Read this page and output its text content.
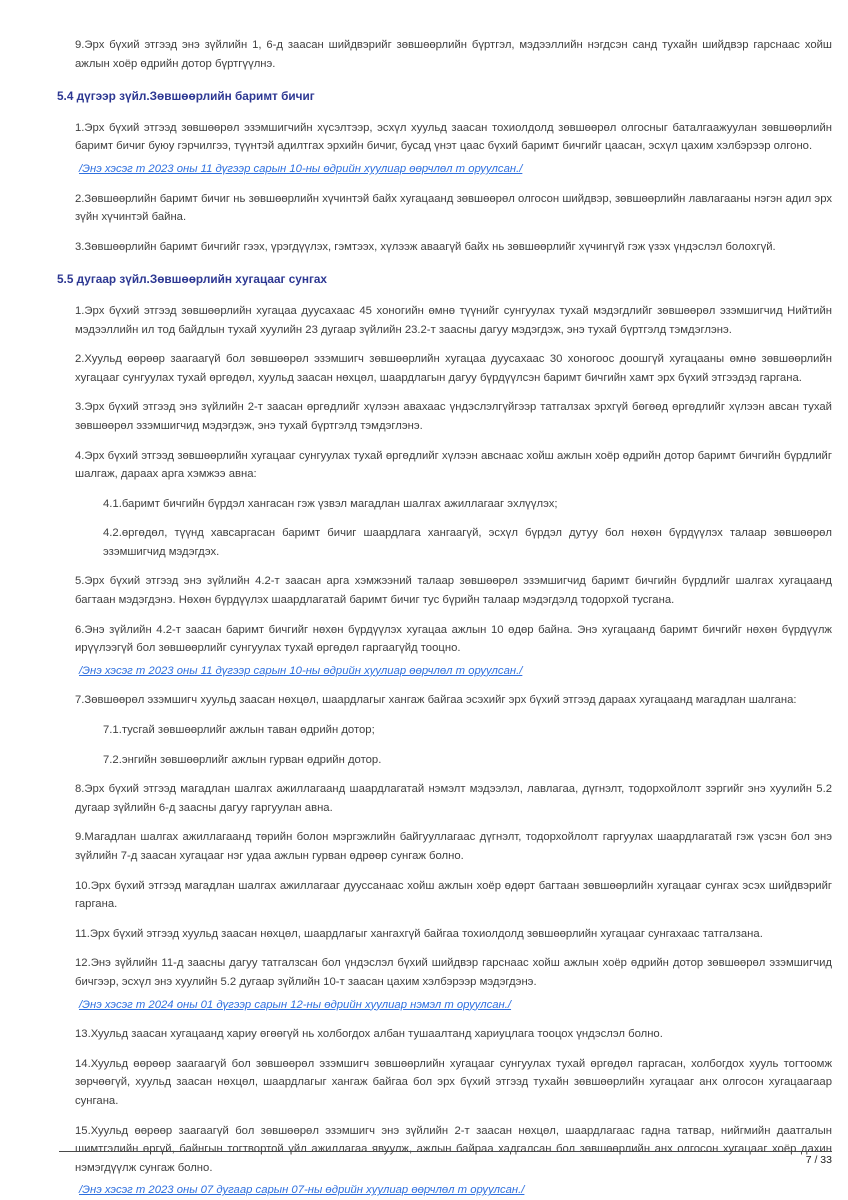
9.Эрх бүхий этгээд энэ зүйлийн 1, 6-д заасан шийдвэрийг зөвшөөрлийн бүртгэл, мэдээллийн нэгдсэн санд тухайн шийдвэр гарснаас хойш ажлын хоёр өдрийн дотор бүртгүүлнэ.
5.4 дүгээр зүйл.Зөвшөөрлийн баримт бичиг
1.Эрх бүхий этгээд зөвшөөрөл эзэмшигчийн хүсэлтээр, эсхүл хуульд заасан тохиолдолд зөвшөөрөл олгосныг баталгаажуулан зөвшөөрлийн баримт бичиг буюу гэрчилгээ, түүнтэй адилтгах эрхийн бичиг, бусад үнэт цаас бүхий баримт бичгийг цаасан, эсхүл цахим хэлбэрээр олгоно.
/Энэ хэсэг т 2023 оны 11 дүгээр сарын 10-ны өдрийн хуулиар өөрчлөл т оруулсан./
2.Зөвшөөрлийн баримт бичиг нь зөвшөөрлийн хүчинтэй байх хугацаанд зөвшөөрөл олгосон шийдвэр, зөвшөөрлийн лавлагааны нэгэн адил эрх зүйн хүчинтэй байна.
3.Зөвшөөрлийн баримт бичгийг гээх, үрэгдүүлэх, гэмтээх, хүлээж аваагүй байх нь зөвшөөрлийг хүчингүй гэж үзэх үндэслэл болохгүй.
5.5 дугаар зүйл.Зөвшөөрлийн хугацааг сунгах
1.Эрх бүхий этгээд зөвшөөрлийн хугацаа дуусахаас 45 хоногийн өмнө түүнийг сунгуулах тухай мэдэгдлийг зөвшөөрөл эзэмшигчид Нийтийн мэдээллийн ил тод байдлын тухай хуулийн 23 дугаар зүйлийн 23.2-т заасны дагуу мэдэгдэж, энэ тухай бүртгэлд тэмдэглэнэ.
2.Хуульд өөрөөр заагаагүй бол зөвшөөрөл эзэмшигч зөвшөөрлийн хугацаа дуусахаас 30 хоногоос доошгүй хугацааны өмнө зөвшөөрлийн хугацааг сунгуулах тухай өргөдөл, хуульд заасан нөхцөл, шаардлагын дагуу бүрдүүлсэн баримт бичгийн хамт эрх бүхий этгээдэд гаргана.
3.Эрх бүхий этгээд энэ зүйлийн 2-т заасан өргөдлийг хүлээн авахаас үндэслэлгүйгээр татгалзах эрхгүй бөгөөд өргөдлийг хүлээн авсан тухай зөвшөөрөл эзэмшигчид мэдэгдэж, энэ тухай бүртгэлд тэмдэглэнэ.
4.Эрх бүхий этгээд зөвшөөрлийн хугацааг сунгуулах тухай өргөдлийг хүлээн авснаас хойш ажлын хоёр өдрийн дотор баримт бичгийн бүрдлийг шалгаж, дараах арга хэмжээ авна:
4.1.баримт бичгийн бүрдэл хангасан гэж үзвэл магадлан шалгах ажиллагааг эхлүүлэх;
4.2.өргөдөл, түүнд хавсаргасан баримт бичиг шаардлага хангаагүй, эсхүл бүрдэл дутуу бол нөхөн бүрдүүлэх талаар зөвшөөрөл эзэмшигчид мэдэгдэх.
5.Эрх бүхий этгээд энэ зүйлийн 4.2-т заасан арга хэмжээний талаар зөвшөөрөл эзэмшигчид баримт бичгийн бүрдлийг шалгах хугацаанд багтаан мэдэгдэнэ. Нөхөн бүрдүүлэх шаардлагатай баримт бичиг тус бүрийн талаар мэдэгдэлд тодорхой тусгана.
6.Энэ зүйлийн 4.2-т заасан баримт бичгийг нөхөн бүрдүүлэх хугацаа ажлын 10 өдөр байна. Энэ хугацаанд баримт бичгийг нөхөн бүрдүүлж ирүүлээгүй бол зөвшөөрлийг сунгуулах тухай өргөдөл гаргаагүйд тооцно.
/Энэ хэсэг т 2023 оны 11 дүгээр сарын 10-ны өдрийн хуулиар өөрчлөл т оруулсан./
7.Зөвшөөрөл эзэмшигч хуульд заасан нөхцөл, шаардлагыг хангаж байгаа эсэхийг эрх бүхий этгээд дараах хугацаанд магадлан шалгана:
7.1.тусгай зөвшөөрлийг ажлын таван өдрийн дотор;
7.2.энгийн зөвшөөрлийг ажлын гурван өдрийн дотор.
8.Эрх бүхий этгээд магадлан шалгах ажиллагаанд шаардлагатай нэмэлт мэдээлэл, лавлагаа, дүгнэлт, тодорхойлолт зэргийг энэ хуулийн 5.2 дугаар зүйлийн 6-д заасны дагуу гаргуулан авна.
9.Магадлан шалгах ажиллагаанд төрийн болон мэргэжлийн байгууллагаас дүгнэлт, тодорхойлолт гаргуулах шаардлагатай гэж үзсэн бол энэ зүйлийн 7-д заасан хугацааг нэг удаа ажлын гурван өдрөөр сунгаж болно.
10.Эрх бүхий этгээд магадлан шалгах ажиллагааг дууссанаас хойш ажлын хоёр өдөрт багтаан зөвшөөрлийн хугацааг сунгах эсэх шийдвэрийг гаргана.
11.Эрх бүхий этгээд хуульд заасан нөхцөл, шаардлагыг хангахгүй байгаа тохиолдолд зөвшөөрлийн хугацааг сунгахаас татгалзана.
12.Энэ зүйлийн 11-д заасны дагуу татгалзсан бол үндэслэл бүхий шийдвэр гарснаас хойш ажлын хоёр өдрийн дотор зөвшөөрөл эзэмшигчид бичгээр, эсхүл энэ хуулийн 5.2 дугаар зүйлийн 10-т заасан цахим хэлбэрээр мэдэгдэнэ.
/Энэ хэсэг т 2024 оны 01 дүгээр сарын 12-ны өдрийн хуулиар нэмэл т оруулсан./
13.Хуульд заасан хугацаанд хариу өгөөгүй нь холбогдох албан тушаалтанд хариуцлага тооцох үндэслэл болно.
14.Хуульд өөрөөр заагаагүй бол зөвшөөрөл эзэмшигч зөвшөөрлийн хугацааг сунгуулах тухай өргөдөл гаргасан, холбогдох хууль тогтоомж зөрчөөгүй, хуульд заасан нөхцөл, шаардлагыг хангаж байгаа бол эрх бүхий этгээд тухайн зөвшөөрлийн хугацааг анх олгосон хугацаагаар сунгана.
15.Хуульд өөрөөр заагаагүй бол зөвшөөрөл эзэмшигч энэ зүйлийн 2-т заасан нөхцөл, шаардлагаас гадна татвар, нийгмийн даатгалын шимтгэлийн өргүй, байнгын тогтвортой үйл ажиллагаа явуулж, ажлын байраа хадгалсан бол зөвшөөрлийн анх олгосон хугацааг хоёр дахин нэмэгдүүлж сунгаж болно.
/Энэ хэсэг т 2023 оны 07 дугаар сарын 07-ны өдрийн хуулиар өөрчлөл т оруулсан./
7 / 33
